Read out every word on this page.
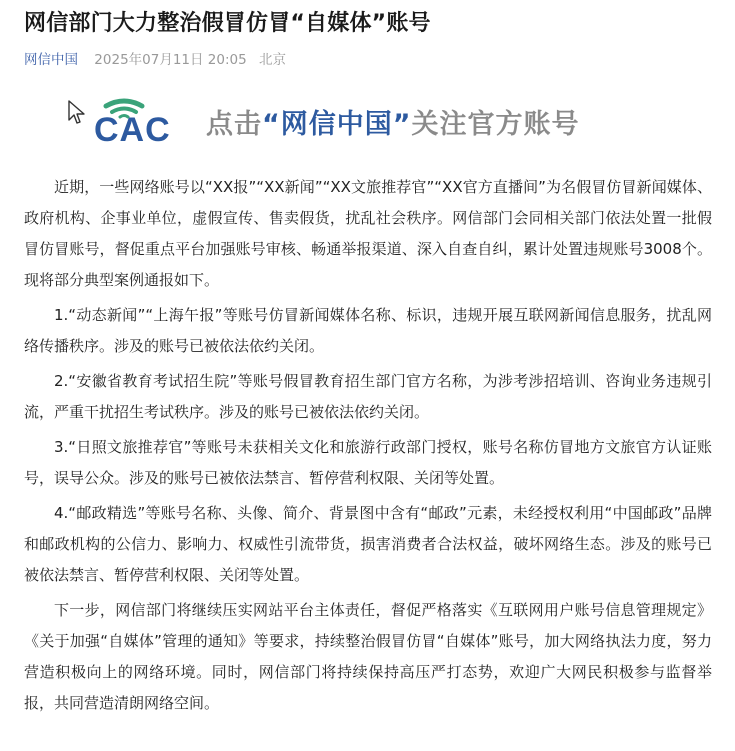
网信部门大力整治假冒仿冒“自媒体”账号
网信中国 2025年07月11日 20:05 北京
CAC 点击“网信中国”关注官方账号

近期，一些网络账号以“XX报”“XX新闻”“XX文旅推荐官”“XX官方直播间”为名假冒仿冒新闻媒体、政府机构、企事业单位，虚假宣传、售卖假货，扰乱社会秩序。网信部门会同相关部门依法处置一批假冒仿冒账号，督促重点平台加强账号审核、畅通举报渠道、深入自查自纠，累计处置违规账号3008个。现将部分典型案例通报如下。

1.“动态新闻”“上海午报”等账号仿冒新闻媒体名称、标识，违规开展互联网新闻信息服务，扰乱网络传播秩序。涉及的账号已被依法依约关闭。

2.“安徽省教育考试招生院”等账号假冒教育招生部门官方名称，为涉考涉招培训、咨询业务违规引流，严重干扰招生考试秩序。涉及的账号已被依法依约关闭。

3.“日照文旅推荐官”等账号未获相关文化和旅游行政部门授权，账号名称仿冒地方文旅官方认证账号，误导公众。涉及的账号已被依法禁言、暂停营利权限、关闭等处置。

4.“邮政精选”等账号名称、头像、简介、背景图中含有“邮政”元素，未经授权利用“中国邮政”品牌和邮政机构的公信力、影响力、权威性引流带货，损害消费者合法权益，破坏网络生态。涉及的账号已被依法禁言、暂停营利权限、关闭等处置。

下一步，网信部门将继续压实网站平台主体责任，督促严格落实《互联网用户账号信息管理规定》《关于加强“自媒体”管理的通知》等要求，持续整治假冒仿冒“自媒体”账号，加大网络执法力度，努力营造积极向上的网络环境。同时，网信部门将持续保持高压严打态势，欢迎广大网民积极参与监督举报，共同营造清朗网络空间。
